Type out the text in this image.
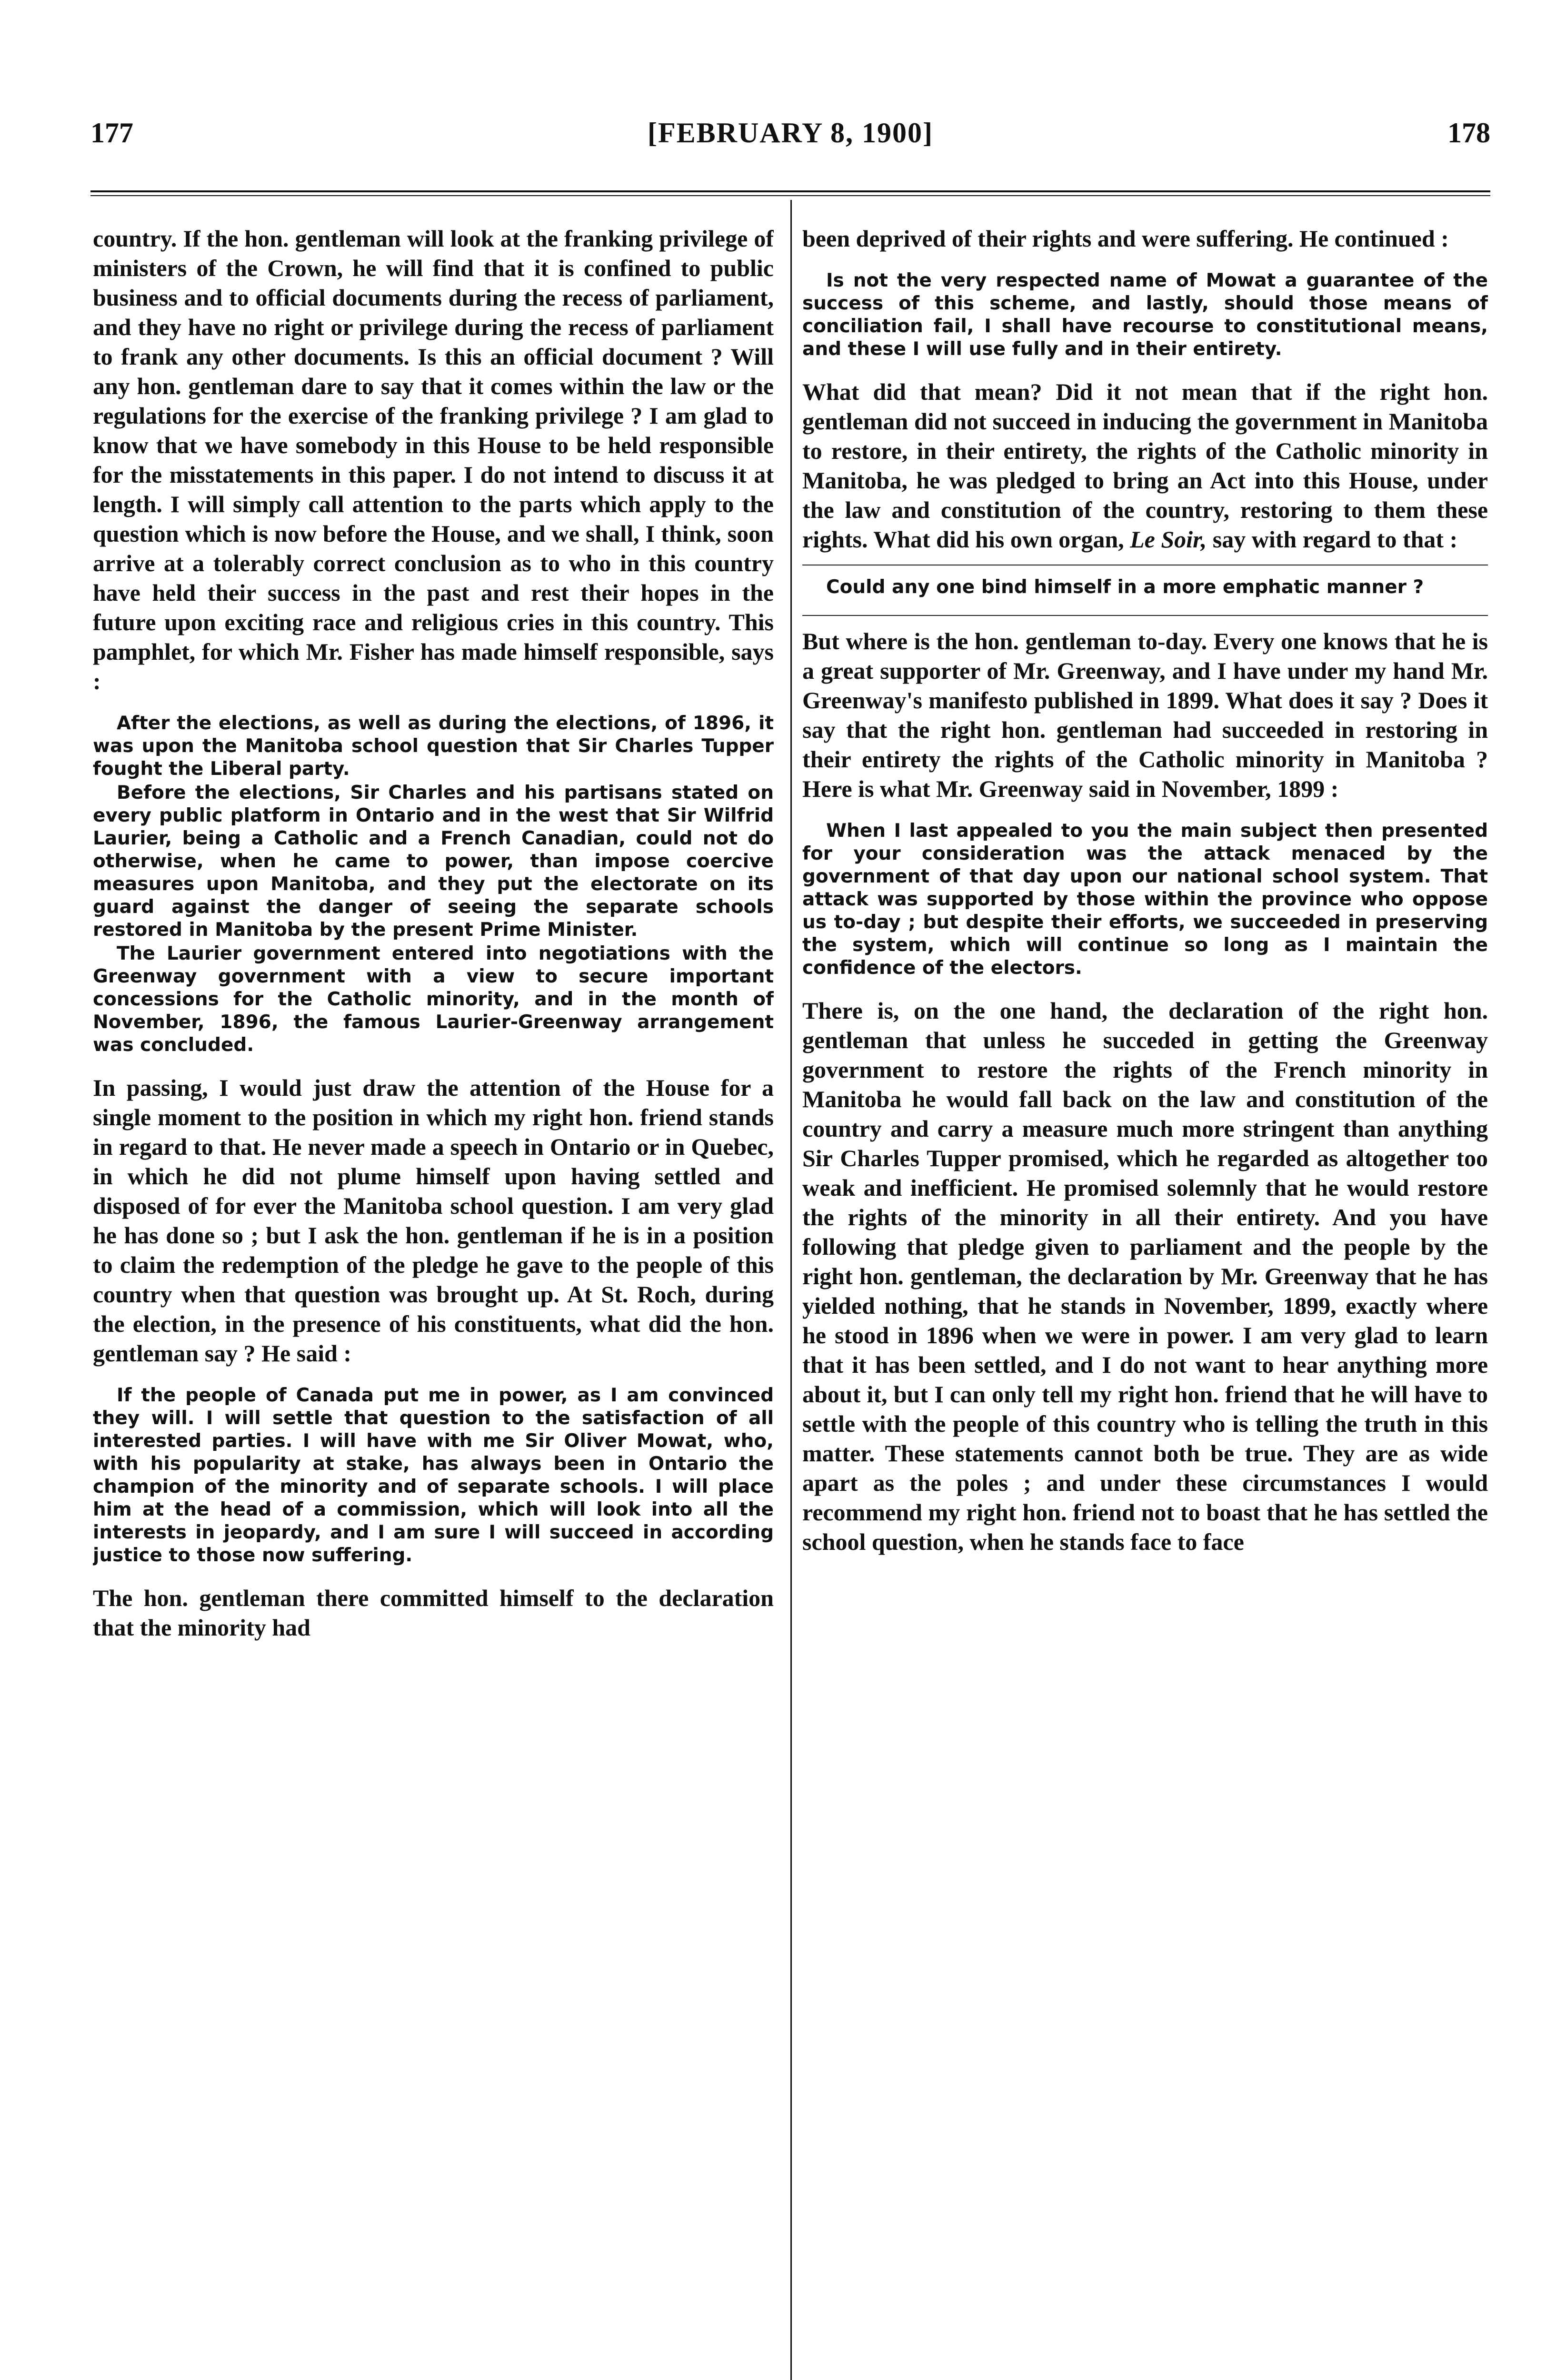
177	[FEBRUARY 8, 1900]	178

country. If the hon. gentleman will look at the franking privilege of ministers of the Crown, he will find that it is confined to public business and to official documents during the recess of parliament, and they have no right or privilege during the recess of parliament to frank any other documents. Is this an official document ? Will any hon. gentleman dare to say that it comes within the law or the regulations for the exercise of the franking privilege ? I am glad to know that we have somebody in this House to be held responsible for the misstatements in this paper. I do not intend to discuss it at length. I will simply call attention to the parts which apply to the question which is now before the House, and we shall, I think, soon arrive at a tolerably correct conclusion as to who in this country have held their success in the past and rest their hopes in the future upon exciting race and religious cries in this country. This pamphlet, for which Mr. Fisher has made himself responsible, says :

After the elections, as well as during the elections, of 1896, it was upon the Manitoba school question that Sir Charles Tupper fought the Liberal party.

Before the elections, Sir Charles and his partisans stated on every public platform in Ontario and in the west that Sir Wilfrid Laurier, being a Catholic and a French Canadian, could not do otherwise, when he came to power, than impose coercive measures upon Manitoba, and they put the electorate on its guard against the danger of seeing the separate schools restored in Manitoba by the present Prime Minister.

The Laurier government entered into negotiations with the Greenway government with a view to secure important concessions for the Catholic minority, and in the month of November, 1896, the famous Laurier-Greenway arrangement was concluded.

In passing, I would just draw the attention of the House for a single moment to the position in which my right hon. friend stands in regard to that. He never made a speech in Ontario or in Quebec, in which he did not plume himself upon having settled and disposed of for ever the Manitoba school question. I am very glad he has done so ; but I ask the hon. gentleman if he is in a position to claim the redemption of the pledge he gave to the people of this country when that question was brought up. At St. Roch, during the election, in the presence of his constituents, what did the hon. gentleman say ? He said :

If the people of Canada put me in power, as I am convinced they will. I will settle that question to the satisfaction of all interested parties. I will have with me Sir Oliver Mowat, who, with his popularity at stake, has always been in Ontario the champion of the minority and of separate schools. I will place him at the head of a commission, which will look into all the interests in jeopardy, and I am sure I will succeed in according justice to those now suffering.

The hon. gentleman there committed himself to the declaration that the minority had

been deprived of their rights and were suffering. He continued :

Is not the very respected name of Mowat a guarantee of the success of this scheme, and lastly, should those means of conciliation fail, I shall have recourse to constitutional means, and these I will use fully and in their entirety.

What did that mean? Did it not mean that if the right hon. gentleman did not succeed in inducing the government in Manitoba to restore, in their entirety, the rights of the Catholic minority in Manitoba, he was pledged to bring an Act into this House, under the law and constitution of the country, restoring to them these rights. What did his own organ, Le Soir, say with regard to that :

Could any one bind himself in a more emphatic manner ?

But where is the hon. gentleman to-day. Every one knows that he is a great supporter of Mr. Greenway, and I have under my hand Mr. Greenway's manifesto published in 1899. What does it say ? Does it say that the right hon. gentleman had succeeded in restoring in their entirety the rights of the Catholic minority in Manitoba ? Here is what Mr. Greenway said in November, 1899 :

When I last appealed to you the main subject then presented for your consideration was the attack menaced by the government of that day upon our national school system. That attack was supported by those within the province who oppose us to-day ; but despite their efforts, we succeeded in preserving the system, which will continue so long as I maintain the confidence of the electors.

There is, on the one hand, the declaration of the right hon. gentleman that unless he succeded in getting the Greenway government to restore the rights of the French minority in Manitoba he would fall back on the law and constitution of the country and carry a measure much more stringent than anything Sir Charles Tupper promised, which he regarded as altogether too weak and inefficient. He promised solemnly that he would restore the rights of the minority in all their entirety. And you have following that pledge given to parliament and the people by the right hon. gentleman, the declaration by Mr. Greenway that he has yielded nothing, that he stands in November, 1899, exactly where he stood in 1896 when we were in power. I am very glad to learn that it has been settled, and I do not want to hear anything more about it, but I can only tell my right hon. friend that he will have to settle with the people of this country who is telling the truth in this matter. These statements cannot both be true. They are as wide apart as the poles ; and under these circumstances I would recommend my right hon. friend not to boast that he has settled the school question, when he stands face to face
